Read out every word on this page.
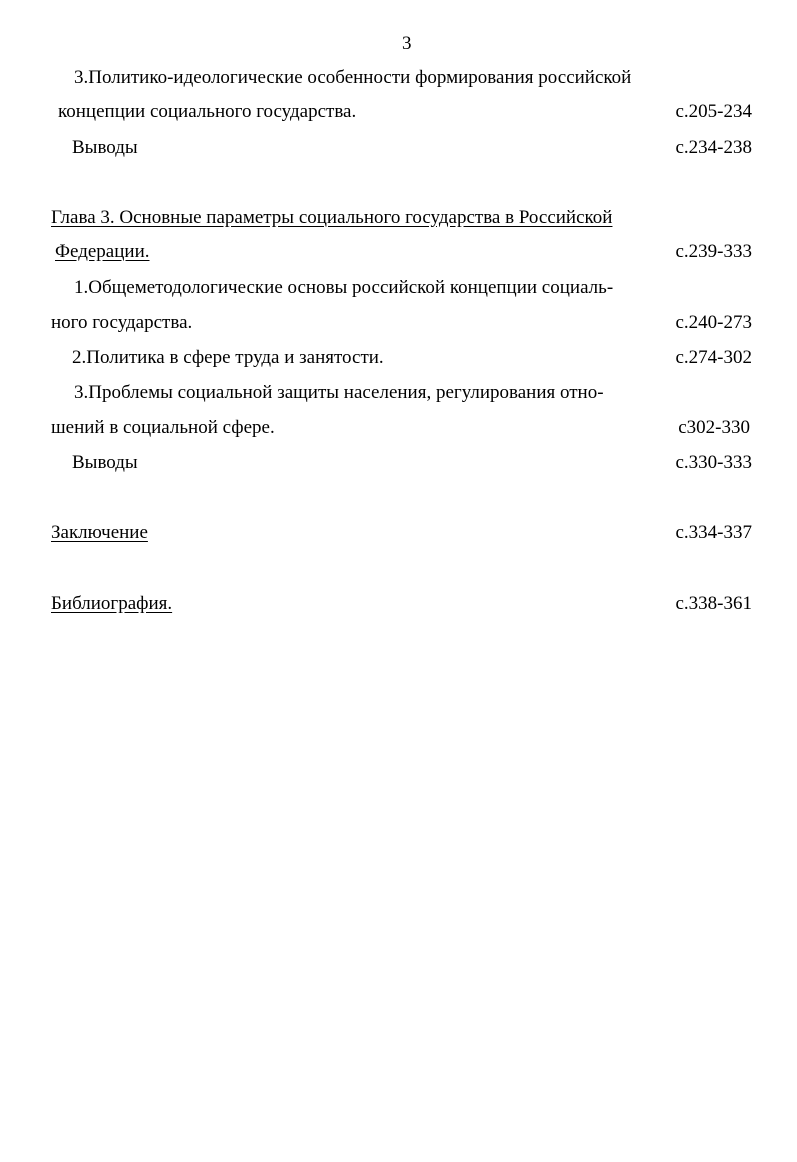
3
3.Политико-идеологические особенности формирования российской
концепции социального государства.	с.205-234
Выводы	с.234-238
Глава 3. Основные параметры социального государства в Российской
Федерации.	с.239-333
1.Общеметодологические основы российской концепции социаль-
ного государства.	с.240-273
2.Политика в сфере труда и занятости.	с.274-302
3.Проблемы социальной защиты населения, регулирования отно-
шений в социальной сфере.	с302-330
Выводы	с.330-333
Заключение	с.334-337
Библиография.	с.338-361
